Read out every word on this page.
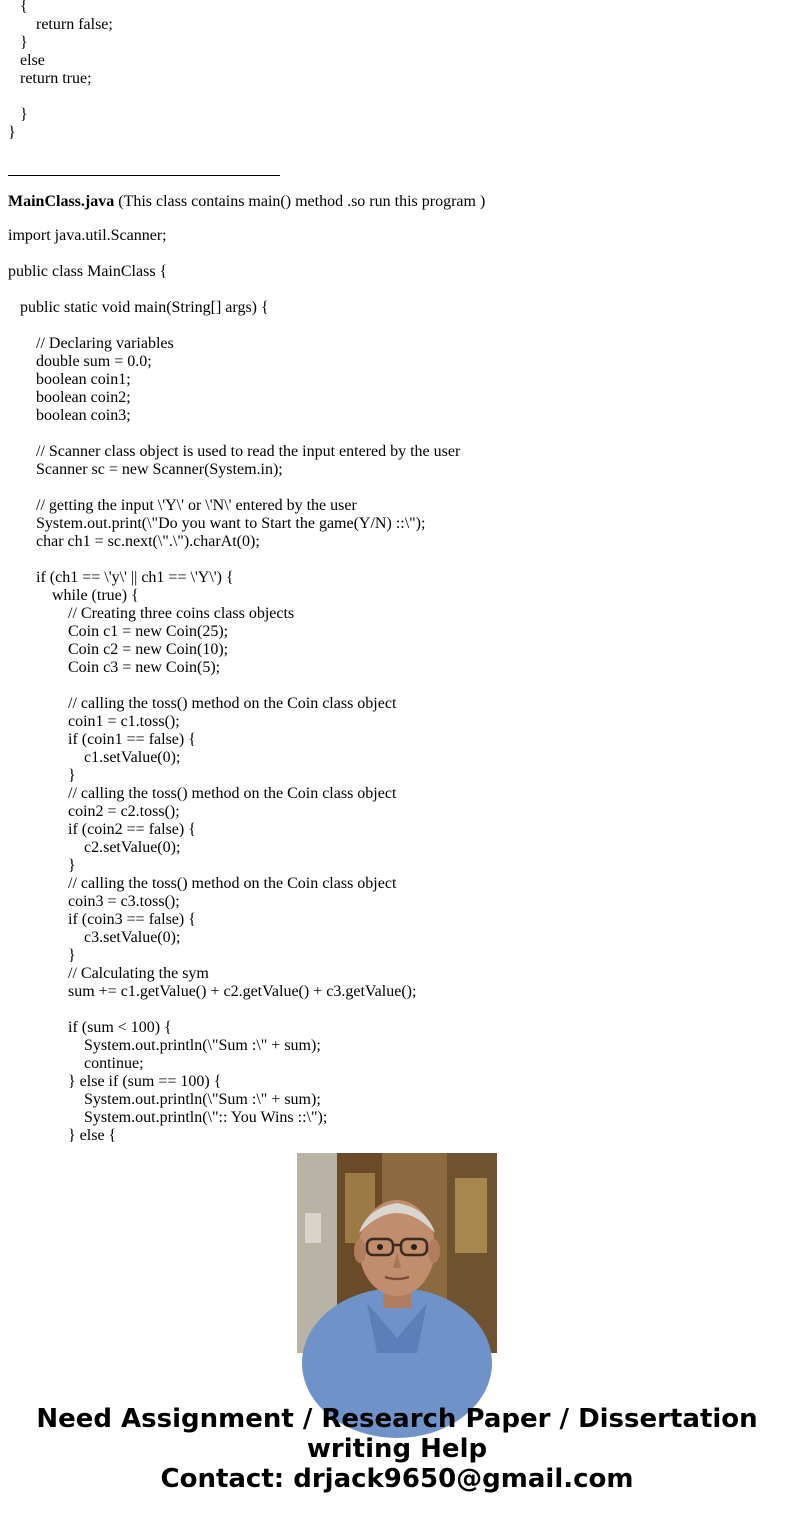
{
return false;
}
else
return true;
}
}
MainClass.java (This class contains main() method .so run this program )
import java.util.Scanner;
public class MainClass {
public static void main(String[] args) {
// Declaring variables
double sum = 0.0;
boolean coin1;
boolean coin2;
boolean coin3;
// Scanner class object is used to read the input entered by the user
Scanner sc = new Scanner(System.in);
// getting the input \'Y\' or \'N\' entered by the user
System.out.print(\"Do you want to Start the game(Y/N) ::\");
char ch1 = sc.next(\".\").charAt(0);
if (ch1 == \'y\' || ch1 == \'Y\') {
while (true) {
// Creating three coins class objects
Coin c1 = new Coin(25);
Coin c2 = new Coin(10);
Coin c3 = new Coin(5);
// calling the toss() method on the Coin class object
coin1 = c1.toss();
if (coin1 == false) {
c1.setValue(0);
}
// calling the toss() method on the Coin class object
coin2 = c2.toss();
if (coin2 == false) {
c2.setValue(0);
}
// calling the toss() method on the Coin class object
coin3 = c3.toss();
if (coin3 == false) {
c3.setValue(0);
}
// Calculating the sym
sum += c1.getValue() + c2.getValue() + c3.getValue();
if (sum < 100) {
System.out.println(\"Sum :\" + sum);
continue;
} else if (sum == 100) {
System.out.println(\"Sum :\" + sum);
System.out.println(\":: You Wins ::\");
} else {
Need Assignment / Research Paper / Dissertation
writing Help
Contact: drjack9650@gmail.com
